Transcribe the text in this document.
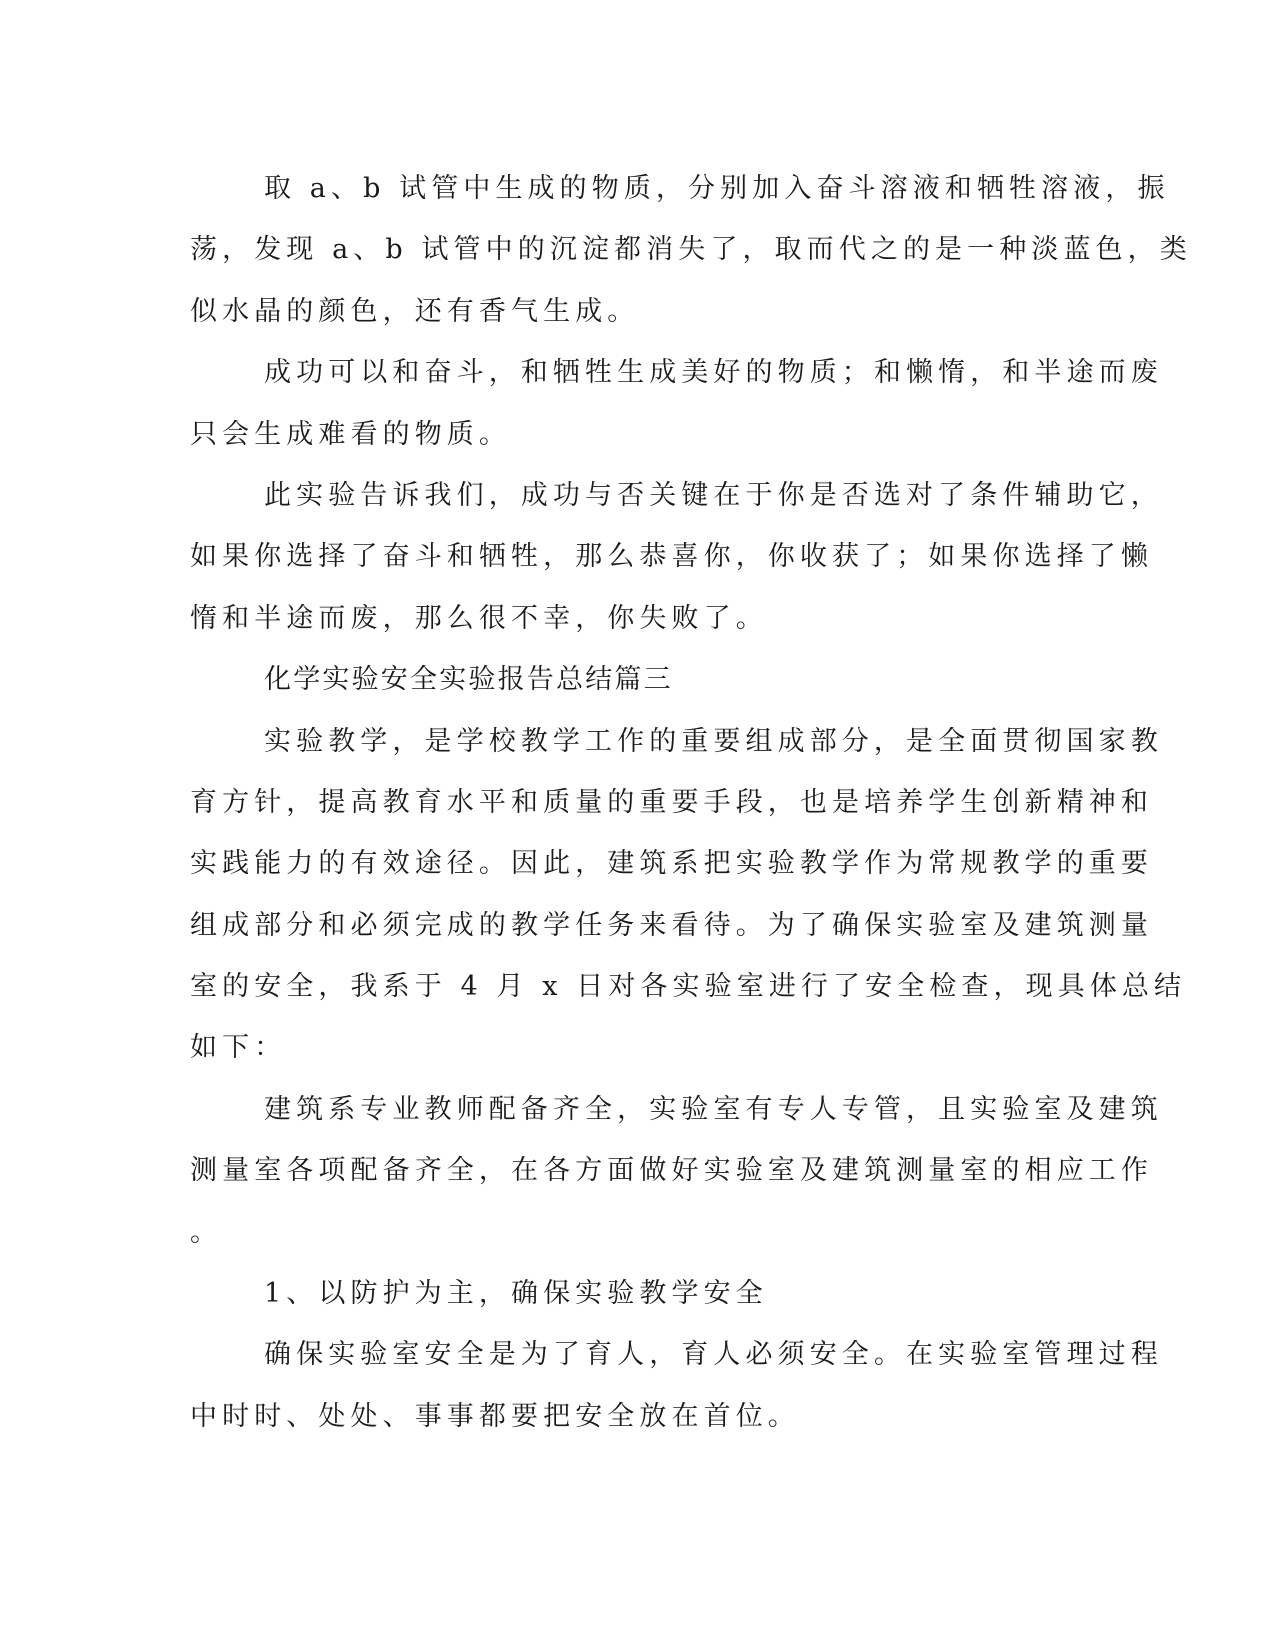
取 a、b 试管中生成的物质，分别加入奋斗溶液和牺牲溶液，振
荡，发现 a、b 试管中的沉淀都消失了，取而代之的是一种淡蓝色，类
似水晶的颜色，还有香气生成。
成功可以和奋斗，和牺牲生成美好的物质；和懒惰，和半途而废
只会生成难看的物质。
此实验告诉我们，成功与否关键在于你是否选对了条件辅助它，
如果你选择了奋斗和牺牲，那么恭喜你，你收获了；如果你选择了懒
惰和半途而废，那么很不幸，你失败了。
化学实验安全实验报告总结篇三
实验教学，是学校教学工作的重要组成部分，是全面贯彻国家教
育方针，提高教育水平和质量的重要手段，也是培养学生创新精神和
实践能力的有效途径。因此，建筑系把实验教学作为常规教学的重要
组成部分和必须完成的教学任务来看待。为了确保实验室及建筑测量
室的安全，我系于 4 月 x 日对各实验室进行了安全检查，现具体总结
如下：
建筑系专业教师配备齐全，实验室有专人专管，且实验室及建筑
测量室各项配备齐全，在各方面做好实验室及建筑测量室的相应工作
。
1、以防护为主，确保实验教学安全
确保实验室安全是为了育人，育人必须安全。在实验室管理过程
中时时、处处、事事都要把安全放在首位。
